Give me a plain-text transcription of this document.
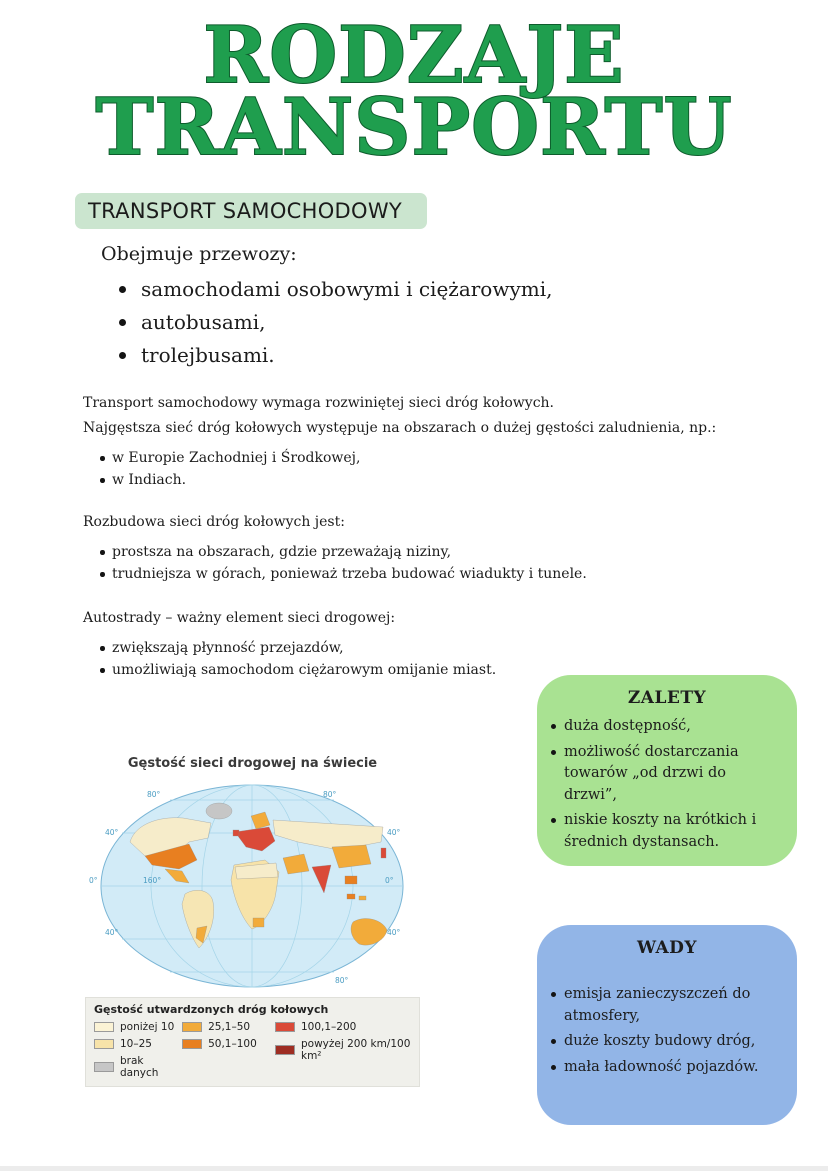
RODZAJE
TRANSPORTU
TRANSPORT SAMOCHODOWY

Obejmuje przewozy:

samochodami osobowymi i ciężarowymi,
autobusami,
trolejbusami.

Transport samochodowy wymaga rozwiniętej sieci dróg kołowych.

Najgęstsza sieć dróg kołowych występuje na obszarach o dużej gęstości zaludnienia, np.:

w Europie Zachodniej i Środkowej,
w Indiach.

Rozbudowa sieci dróg kołowych jest:

prostsza na obszarach, gdzie przeważają niziny,
trudniejsza w górach, ponieważ trzeba budować wiadukty i tunele.

Autostrady – ważny element sieci drogowej:

zwiększają płynność przejazdów,
umożliwiają samochodom ciężarowym omijanie miast.
ZALETY
duża dostępność,
możliwość dostarczania towarów „od drzwi do drzwi”,
niskie koszty na krótkich i średnich dystansach.
WADY
emisja zanieczyszczeń do atmosfery,
duże koszty budowy dróg,
mała ładowność pojazdów.
Gęstość sieci drogowej na świecie
80°	80°
40°	40°
0°	160°	0°
40°	40°
80°
Gęstość utwardzonych dróg kołowych
poniżej 10
10–25
brak danych
25,1–50
50,1–100
100,1–200
powyżej 200 km/100 km²
